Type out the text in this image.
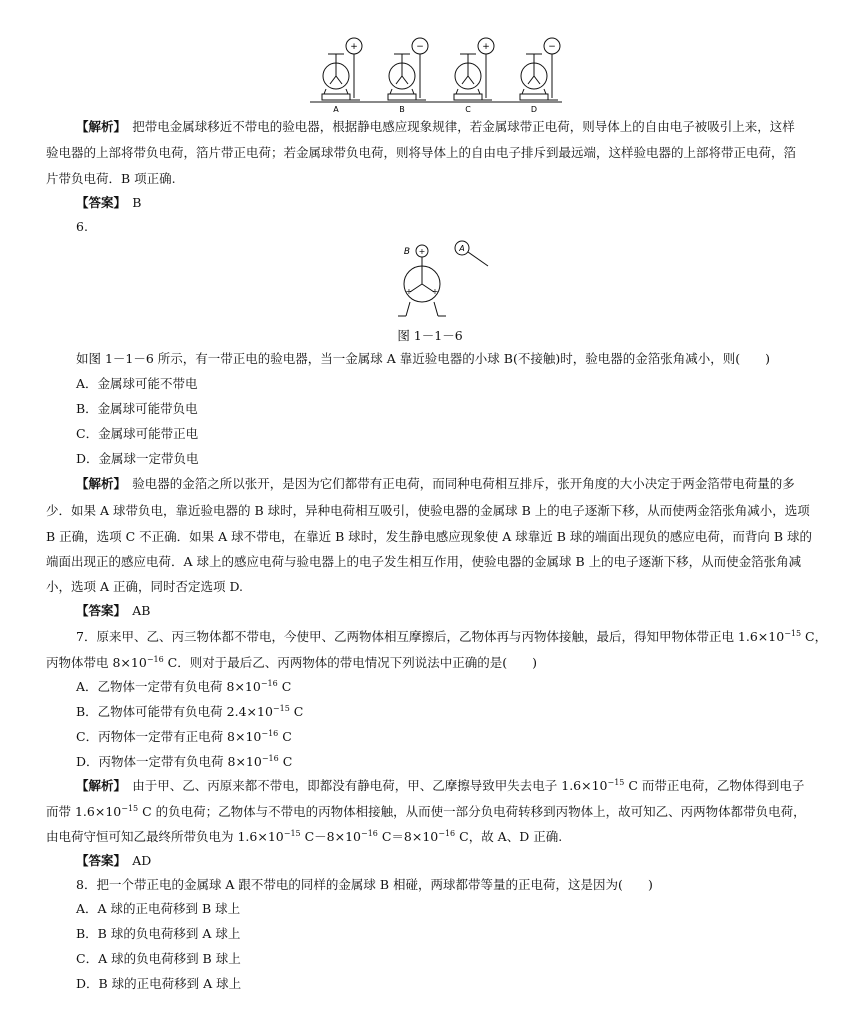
A	B	C	D
+	−	+	−
【解析】　 把带电金属球移近不带电的验电器，根据静电感应现象规律，若金属球带正电荷，则导体上的自由电子被吸引上来，这样
验电器的上部将带负电荷，箔片带正电荷；若金属球带负电荷，则将导体上的自由电子排斥到最远端，这样验电器的上部将带正电荷，箔
片带负电荷．B 项正确.
【答案】　 B
6.
+
+ +
B	A
图 1－1－6
如图 1－1－6 所示，有一带正电的验电器，当一金属球 A 靠近验电器的小球 B(不接触)时，验电器的金箔张角减小，则(　　)
A．金属球可能不带电
B．金属球可能带负电
C．金属球可能带正电
D．金属球一定带负电
【解析】　 验电器的金箔之所以张开，是因为它们都带有正电荷，而同种电荷相互排斥，张开角度的大小决定于两金箔带电荷量的多
少．如果 A 球带负电，靠近验电器的 B 球时，异种电荷相互吸引，使验电器的金属球 B 上的电子逐渐下移，从而使两金箔张角减小，选项
B 正确，选项 C 不正确．如果 A 球不带电，在靠近 B 球时，发生静电感应现象使 A 球靠近 B 球的端面出现负的感应电荷，而背向 B 球的
端面出现正的感应电荷．A 球上的感应电荷与验电器上的电子发生相互作用，使验电器的金属球 B 上的电子逐渐下移，从而使金箔张角减
小，选项 A 正确，同时否定选项 D.
【答案】　 AB
7．原来甲、乙、丙三物体都不带电，今使甲、乙两物体相互摩擦后，乙物体再与丙物体接触，最后，得知甲物体带正电 $1.6\times 10^{-15}$ C，
丙物体带电 $8\times 10^{-16}$ C．则对于最后乙、丙两物体的带电情况下列说法中正确的是(　　)
A．乙物体一定带有负电荷 $8\times 10^{-16}$ C
B．乙物体可能带有负电荷 $2.4\times 10^{-15}$ C
C．丙物体一定带有正电荷 $8\times 10^{-16}$ C
D．丙物体一定带有负电荷 $8\times 10^{-16}$ C
【解析】　 由于甲、乙、丙原来都不带电，即都没有静电荷，甲、乙摩擦导致甲失去电子 $1.6\times 10^{-15}$ C 而带正电荷，乙物体得到电子
而带 $1.6\times 10^{-15}$ C 的负电荷；乙物体与不带电的丙物体相接触，从而使一部分负电荷转移到丙物体上，故可知乙、丙两物体都带负电荷，
由电荷守恒可知乙最终所带负电为 $1.6\times 10^{-15}$ $C-8\times 10^{-16}$ $C=8\times 10^{-16}$ C，故 A、D 正确.
【答案】　 AD
8．把一个带正电的金属球 A 跟不带电的同样的金属球 B 相碰，两球都带等量的正电荷，这是因为(　　)
A．A 球的正电荷移到 B 球上
B．B 球的负电荷移到 A 球上
C．A 球的负电荷移到 B 球上
D．B 球的正电荷移到 A 球上
